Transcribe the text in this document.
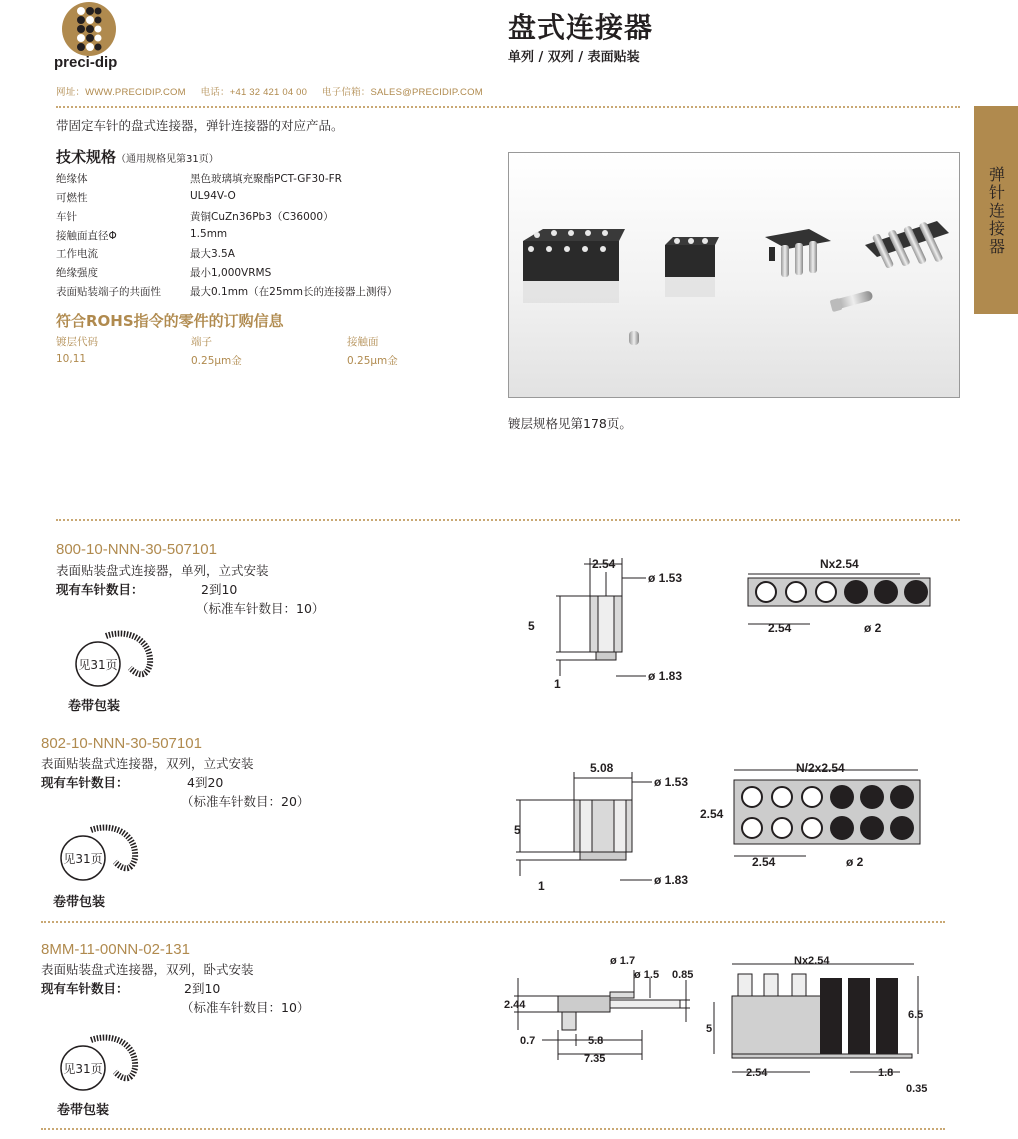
preci-dip
网址：WWW.PRECIDIP.COM 电话：+41 32 421 04 00 电子信箱：SALES@PRECIDIP.COM
盘式连接器
单列 / 双列 / 表面贴装
弹针连接器
带固定车针的盘式连接器，弹针连接器的对应产品。
技术规格（通用规格见第31页）
绝缘体	黑色玻璃填充聚酯PCT-GF30-FR
可燃性	UL94V-O
车针	黄铜CuZn36Pb3（C36000）
接触面直径Φ	1.5mm
工作电流	最大3.5A
绝缘强度	最小1,000VRMS
表面贴装端子的共面性	最大0.1mm（在25mm长的连接器上测得）
符合ROHS指令的零件的订购信息
镀层代码	端子	接触面
10,11	0.25μm金	0.25μm金
镀层规格见第178页。
800-10-NNN-30-507101
表面贴装盘式连接器，单列，立式安装
现有车针数目：	2到10
（标准车针数目：10）
见31页
卷带包装
2.54
ø 1.53
5
1
ø 1.83
Nx2.54
2.54	ø 2
802-10-NNN-30-507101
表面贴装盘式连接器，双列，立式安装
现有车针数目：	4到20
（标准车针数目：20）
见31页
卷带包装
5.08
ø 1.53
5
1	ø 1.83
N/2x2.54
2.54
2.54	ø 2
8MM-11-00NN-02-131
表面贴装盘式连接器，双列，卧式安装
现有车针数目：	2到10
（标准车针数目：10）
见31页
卷带包装
ø 1.7
ø 1.5 0.85
2.44
0.7	5.8
7.35
Nx2.54
5
6.5
2.54	1.8
0.35
